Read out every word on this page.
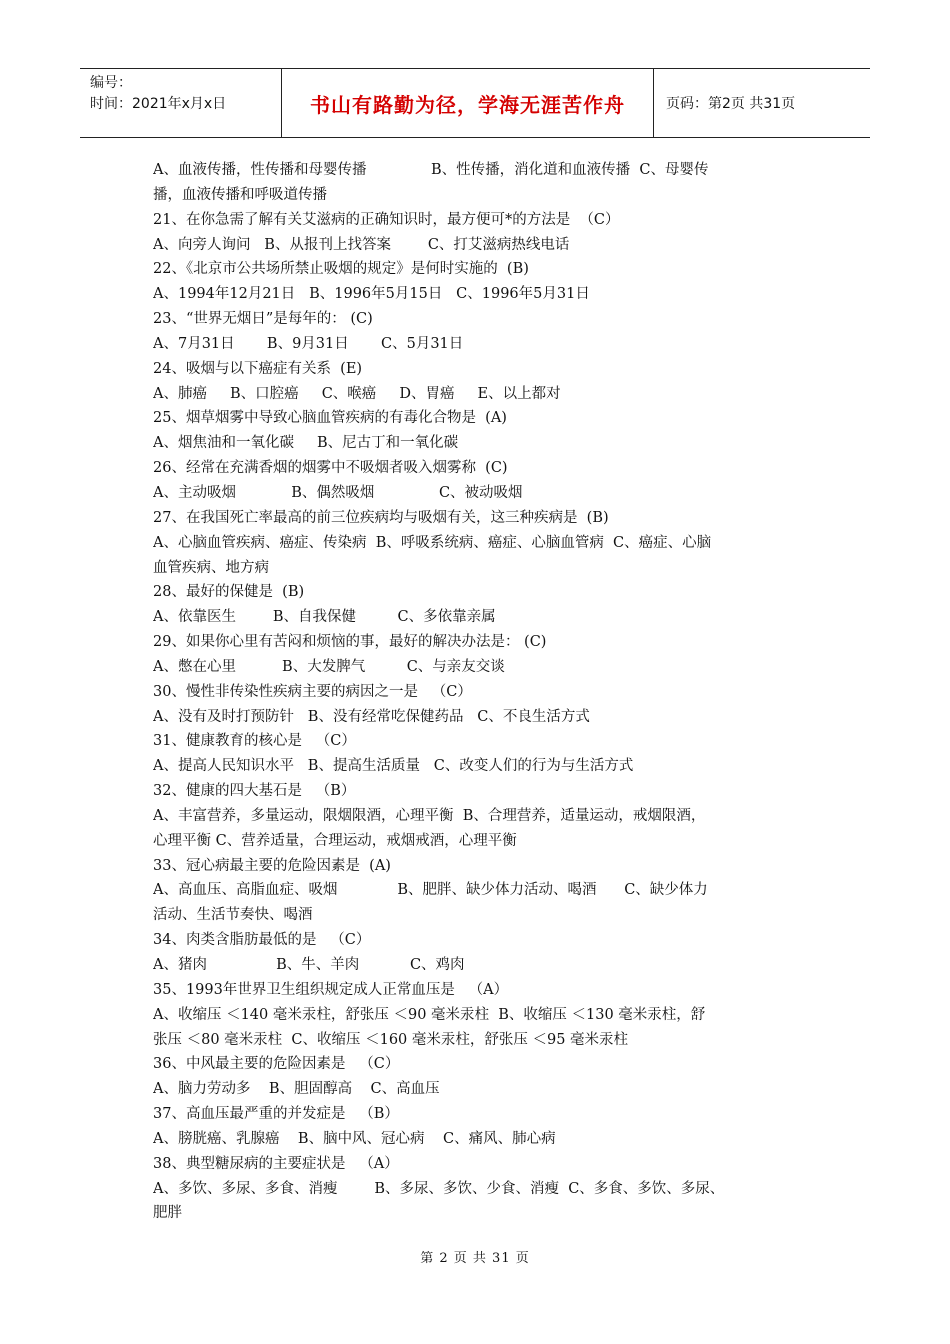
编号：
时间：2021年x月x日	书山有路勤为径，学海无涯苦作舟	页码：第2页 共31页
A、血液传播，性传播和母婴传播              B、性传播，消化道和血液传播  C、母婴传
播，血液传播和呼吸道传播
21、在你急需了解有关艾滋病的正确知识时，最方便可*的方法是  （C）
A、向旁人询问   B、从报刊上找答案        C、打艾滋病热线电话
22、《北京市公共场所禁止吸烟的规定》是何时实施的  (B)
A、1994年12月21日   B、1996年5月15日   C、1996年5月31日
23、“世界无烟日”是每年的： (C)
A、7月31日       B、9月31日       C、5月31日
24、吸烟与以下癌症有关系  (E)
A、肺癌     B、口腔癌     C、喉癌     D、胃癌     E、以上都对
25、烟草烟雾中导致心脑血管疾病的有毒化合物是  (A)
A、烟焦油和一氧化碳     B、尼古丁和一氧化碳
26、经常在充满香烟的烟雾中不吸烟者吸入烟雾称  (C)
A、主动吸烟            B、偶然吸烟              C、被动吸烟
27、在我国死亡率最高的前三位疾病均与吸烟有关，这三种疾病是  (B)
A、心脑血管疾病、癌症、传染病  B、呼吸系统病、癌症、心脑血管病  C、癌症、心脑
血管疾病、地方病
28、最好的保健是  (B)
A、依靠医生        B、自我保健         C、多依靠亲属
29、如果你心里有苦闷和烦恼的事，最好的解决办法是： (C)
A、憋在心里          B、大发脾气         C、与亲友交谈
30、慢性非传染性疾病主要的病因之一是   （C）
A、没有及时打预防针   B、没有经常吃保健药品   C、不良生活方式
31、健康教育的核心是   （C）
A、提高人民知识水平   B、提高生活质量   C、改变人们的行为与生活方式
32、健康的四大基石是   （B）
A、丰富营养，多量运动，限烟限酒，心理平衡  B、合理营养，适量运动，戒烟限酒，
心理平衡 C、营养适量，合理运动，戒烟戒酒，心理平衡
33、冠心病最主要的危险因素是  (A)
A、高血压、高脂血症、吸烟             B、肥胖、缺少体力活动、喝酒      C、缺少体力
活动、生活节奏快、喝酒
34、肉类含脂肪最低的是   （C）
A、猪肉               B、牛、羊肉           C、鸡肉
35、1993年世界卫生组织规定成人正常血压是   （A）
A、收缩压 ＜140 毫米汞柱，舒张压 ＜90 毫米汞柱  B、收缩压 ＜130 毫米汞柱，舒
张压 ＜80 毫米汞柱  C、收缩压 ＜160 毫米汞柱，舒张压 ＜95 毫米汞柱
36、中风最主要的危险因素是   （C）
A、脑力劳动多    B、胆固醇高    C、高血压
37、高血压最严重的并发症是   （B）
A、膀胱癌、乳腺癌    B、脑中风、冠心病    C、痛风、肺心病
38、典型糖尿病的主要症状是   （A）
A、多饮、多尿、多食、消瘦        B、多尿、多饮、少食、消瘦  C、多食、多饮、多尿、
肥胖
第 2 页 共 31 页
